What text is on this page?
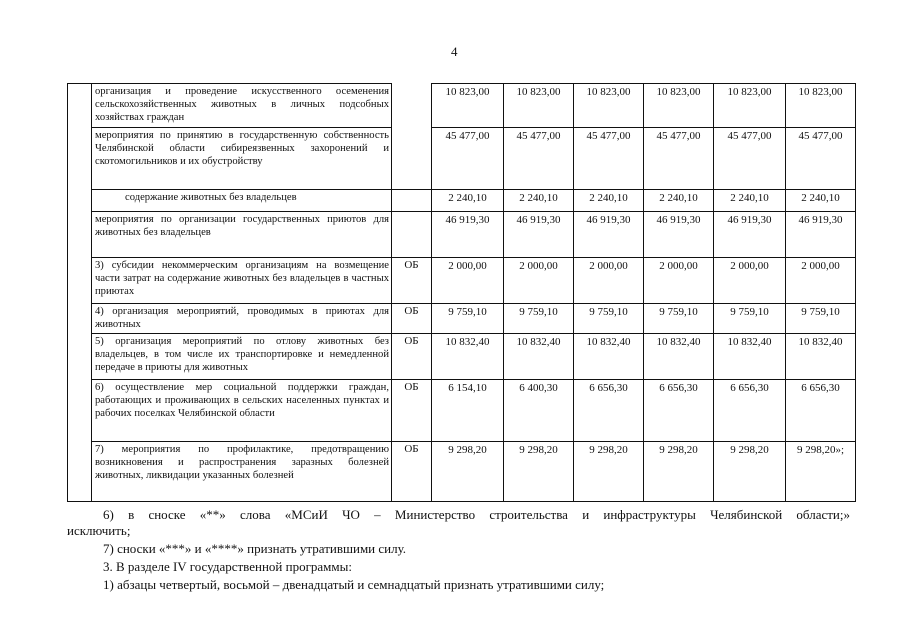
4
	организация и проведение искусственного осеменения сельскохозяйственных животных в личных подсобных хозяйствах граждан		10 823,00	10 823,00	10 823,00	10 823,00	10 823,00	10 823,00
	мероприятия по принятию в государственную собственность Челябинской области сибиреязвенных захоронений и скотомогильников и их обустройству		45 477,00	45 477,00	45 477,00	45 477,00	45 477,00	45 477,00
	содержание животных без владельцев		2 240,10	2 240,10	2 240,10	2 240,10	2 240,10	2 240,10
	мероприятия по организации государственных приютов для животных без владельцев		46 919,30	46 919,30	46 919,30	46 919,30	46 919,30	46 919,30
	3) субсидии некоммерческим организациям на возмещение части затрат на содержание животных без владельцев в частных приютах	ОБ	2 000,00	2 000,00	2 000,00	2 000,00	2 000,00	2 000,00
	4) организация мероприятий, проводимых в приютах для животных	ОБ	9 759,10	9 759,10	9 759,10	9 759,10	9 759,10	9 759,10
	5) организация мероприятий по отлову животных без владельцев, в том числе их транспортировке и немедленной передаче в приюты для животных	ОБ	10 832,40	10 832,40	10 832,40	10 832,40	10 832,40	10 832,40
	6) осуществление мер социальной поддержки граждан, работающих и проживающих в сельских населенных пунктах и рабочих поселках Челябинской области	ОБ	6 154,10	6 400,30	6 656,30	6 656,30	6 656,30	6 656,30
	7) мероприятия по профилактике, предотвращению возникновения и распространения заразных болезней животных, ликвидации указанных болезней	ОБ	9 298,20	9 298,20	9 298,20	9 298,20	9 298,20	9 298,20»;

6) в сноске «**» слова «МСиИ ЧО – Министерство строительства и инфраструктуры Челябинской области;»

исключить;

7) сноски «***» и «****» признать утратившими силу.

3. В разделе IV государственной программы:

1) абзацы четвертый, восьмой – двенадцатый и семнадцатый признать утратившими силу;
